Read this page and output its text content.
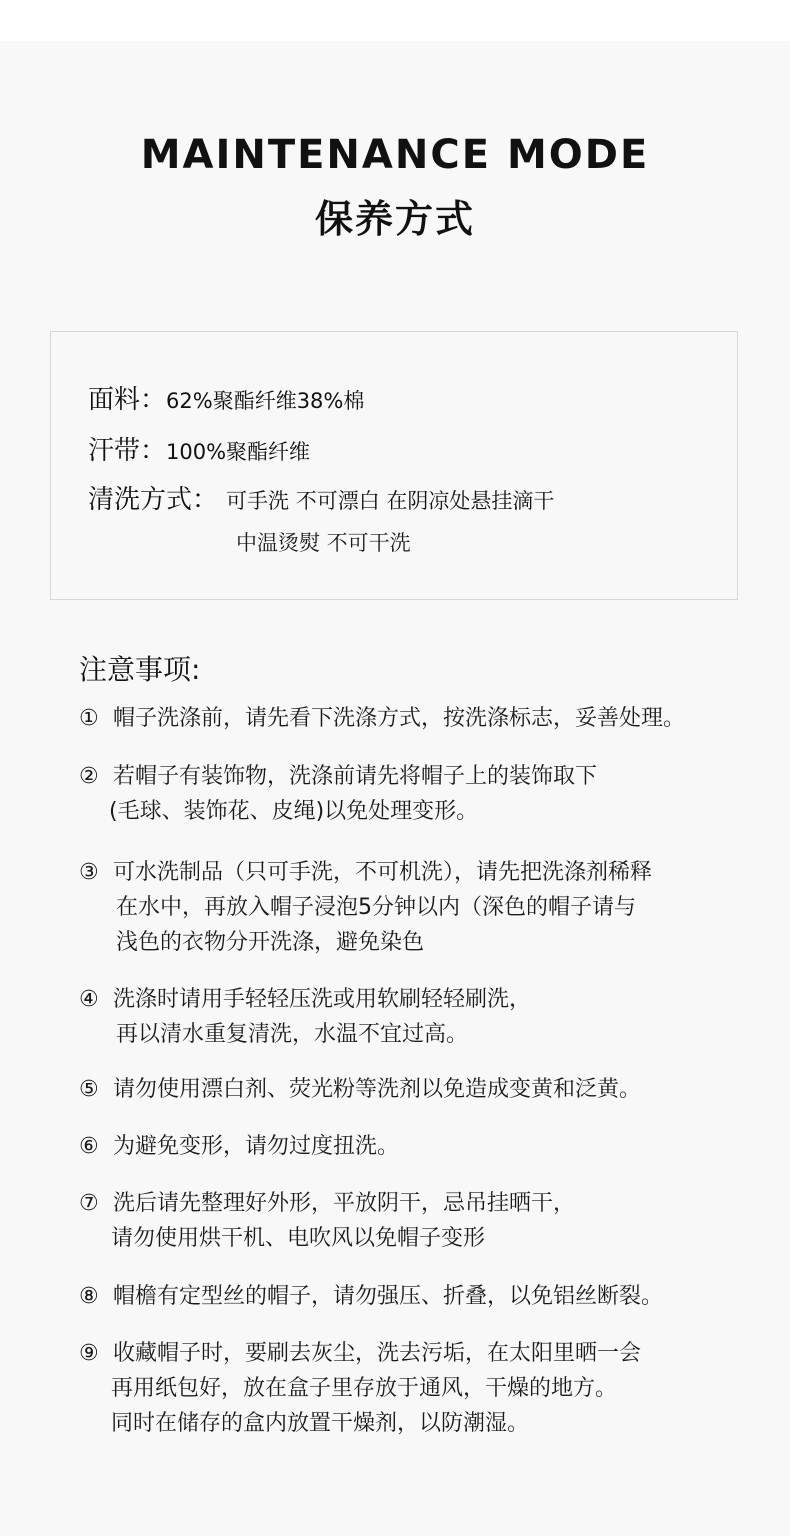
MAINTENANCE MODE
保养方式
面料：62%聚酯纤维38%棉
汗带：100%聚酯纤维
清洗方式： 可手洗 不可漂白 在阴凉处悬挂滴干
中温烫熨 不可干洗
注意事项:
① 帽子洗涤前，请先看下洗涤方式，按洗涤标志，妥善处理。
② 若帽子有装饰物，洗涤前请先将帽子上的装饰取下
(毛球、装饰花、皮绳)以免处理变形。
③ 可水洗制品（只可手洗，不可机洗），请先把洗涤剂稀释
在水中，再放入帽子浸泡5分钟以内（深色的帽子请与
浅色的衣物分开洗涤，避免染色
④ 洗涤时请用手轻轻压洗或用软刷轻轻刷洗，
再以清水重复清洗，水温不宜过高。
⑤ 请勿使用漂白剂、荧光粉等洗剂以免造成变黄和泛黄。
⑥ 为避免变形，请勿过度扭洗。
⑦ 洗后请先整理好外形，平放阴干，忌吊挂晒干，
请勿使用烘干机、电吹风以免帽子变形
⑧ 帽檐有定型丝的帽子，请勿强压、折叠，以免铝丝断裂。
⑨ 收藏帽子时，要刷去灰尘，洗去污垢，在太阳里晒一会
再用纸包好，放在盒子里存放于通风，干燥的地方。
同时在储存的盒内放置干燥剂，以防潮湿。
